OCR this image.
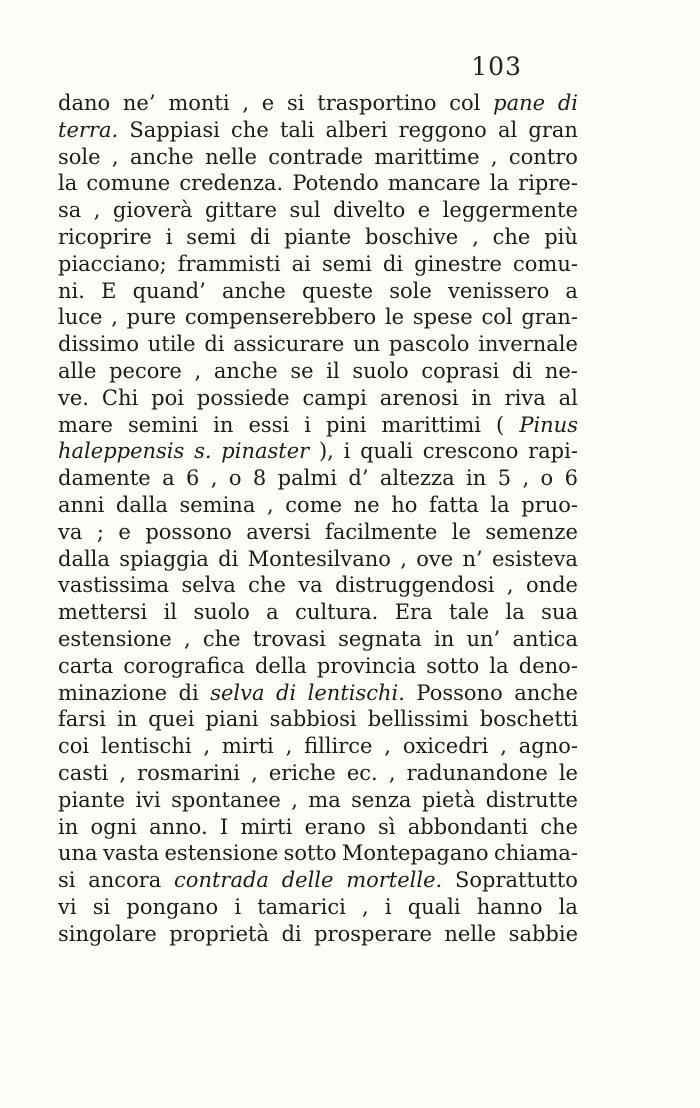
103
dano ne’ monti , e si trasportino col pane di
terra. Sappiasi che tali alberi reggono al gran
sole , anche nelle contrade marittime , contro
la comune credenza. Potendo mancare la ripre-
sa , gioverà gittare sul divelto e leggermente
ricoprire i semi di piante boschive , che più
piacciano; frammisti ai semi di ginestre comu-
ni. E quand’ anche queste sole venissero a
luce , pure compenserebbero le spese col gran-
dissimo utile di assicurare un pascolo invernale
alle pecore , anche se il suolo coprasi di ne-
ve. Chi poi possiede campi arenosi in riva al
mare semini in essi i pini marittimi ( Pinus
haleppensis s. pinaster ), i quali crescono rapi-
damente a 6 , o 8 palmi d’ altezza in 5 , o 6
anni dalla semina , come ne ho fatta la pruo-
va ; e possono aversi facilmente le semenze
dalla spiaggia di Montesilvano , ove n’ esisteva
vastissima selva che va distruggendosi , onde
mettersi il suolo a cultura. Era tale la sua
estensione , che trovasi segnata in un’ antica
carta corografica della provincia sotto la deno-
minazione di selva di lentischi. Possono anche
farsi in quei piani sabbiosi bellissimi boschetti
coi lentischi , mirti , fillirce , oxicedri , agno-
casti , rosmarini , eriche ec. , radunandone le
piante ivi spontanee , ma senza pietà distrutte
in ogni anno. I mirti erano sì abbondanti che
una vasta estensione sotto Montepagano chiama-
si ancora contrada delle mortelle. Soprattutto
vi si pongano i tamarici , i quali hanno la
singolare proprietà di prosperare nelle sabbie
